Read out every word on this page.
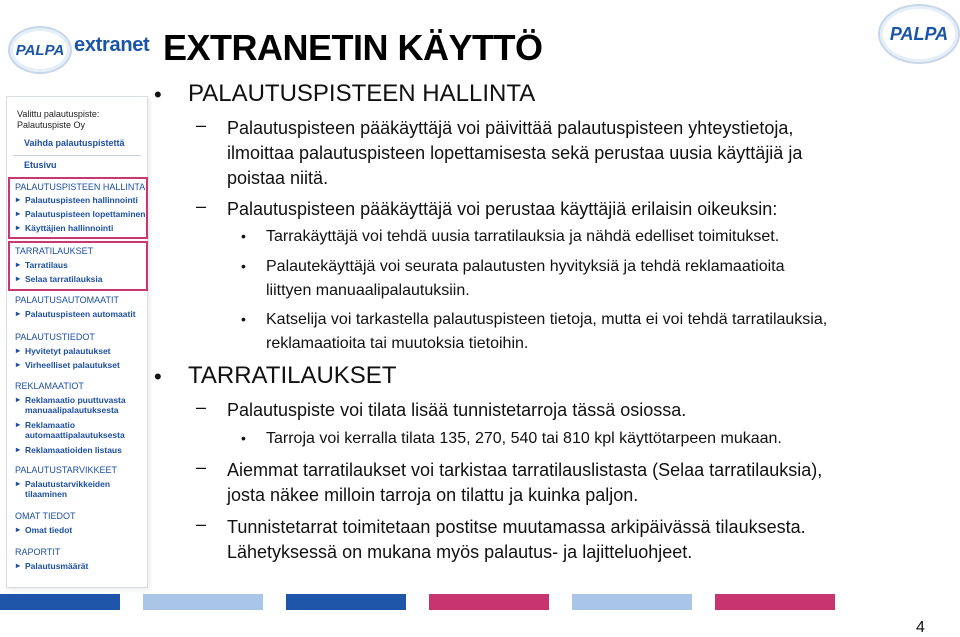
PALPA extranet
PALPA
EXTRANETIN KÄYTTÖ
Valittu palautuspiste:
Palautuspiste Oy
Vaihda palautuspistettä
Etusivu
PALAUTUSPISTEEN HALLINTA
▸ Palautuspisteen hallinnointi
▸ Palautuspisteen lopettaminen
▸ Käyttäjien hallinnointi
TARRATILAUKSET
▸ Tarratilaus
▸ Selaa tarratilauksia
PALAUTUSAUTOMAATIT
▸ Palautuspisteen automaatit
PALAUTUSTIEDOT
▸ Hyvitetyt palautukset
▸ Virheelliset palautukset
REKLAMAATIOT
▸ Reklamaatio puuttuvasta manuaalipalautuksesta
▸ Reklamaatio automaattipalautuksesta
▸ Reklamaatioiden listaus
PALAUTUSTARVIKKEET
▸ Palautustarvikkeiden tilaaminen
OMAT TIEDOT
▸ Omat tiedot
RAPORTIT
▸ Palautusmäärät
• PALAUTUSPISTEEN HALLINTA
– Palautuspisteen pääkäyttäjä voi päivittää palautuspisteen yhteystietoja,
ilmoittaa palautuspisteen lopettamisesta sekä perustaa uusia käyttäjiä ja
poistaa niitä.
– Palautuspisteen pääkäyttäjä voi perustaa käyttäjiä erilaisin oikeuksin:
• Tarrakäyttäjä voi tehdä uusia tarratilauksia ja nähdä edelliset toimitukset.
• Palautekäyttäjä voi seurata palautusten hyvityksiä ja tehdä reklamaatioita
liittyen manuaalipalautuksiin.
• Katselija voi tarkastella palautuspisteen tietoja, mutta ei voi tehdä tarratilauksia,
reklamaatioita tai muutoksia tietoihin.
• TARRATILAUKSET
– Palautuspiste voi tilata lisää tunnistetarroja tässä osiossa.
• Tarroja voi kerralla tilata 135, 270, 540 tai 810 kpl käyttötarpeen mukaan.
– Aiemmat tarratilaukset voi tarkistaa tarratilauslistasta (Selaa tarratilauksia),
josta näkee milloin tarroja on tilattu ja kuinka paljon.
– Tunnistetarrat toimitetaan postitse muutamassa arkipäivässä tilauksesta.
Lähetyksessä on mukana myös palautus- ja lajitteluohjeet.
4
